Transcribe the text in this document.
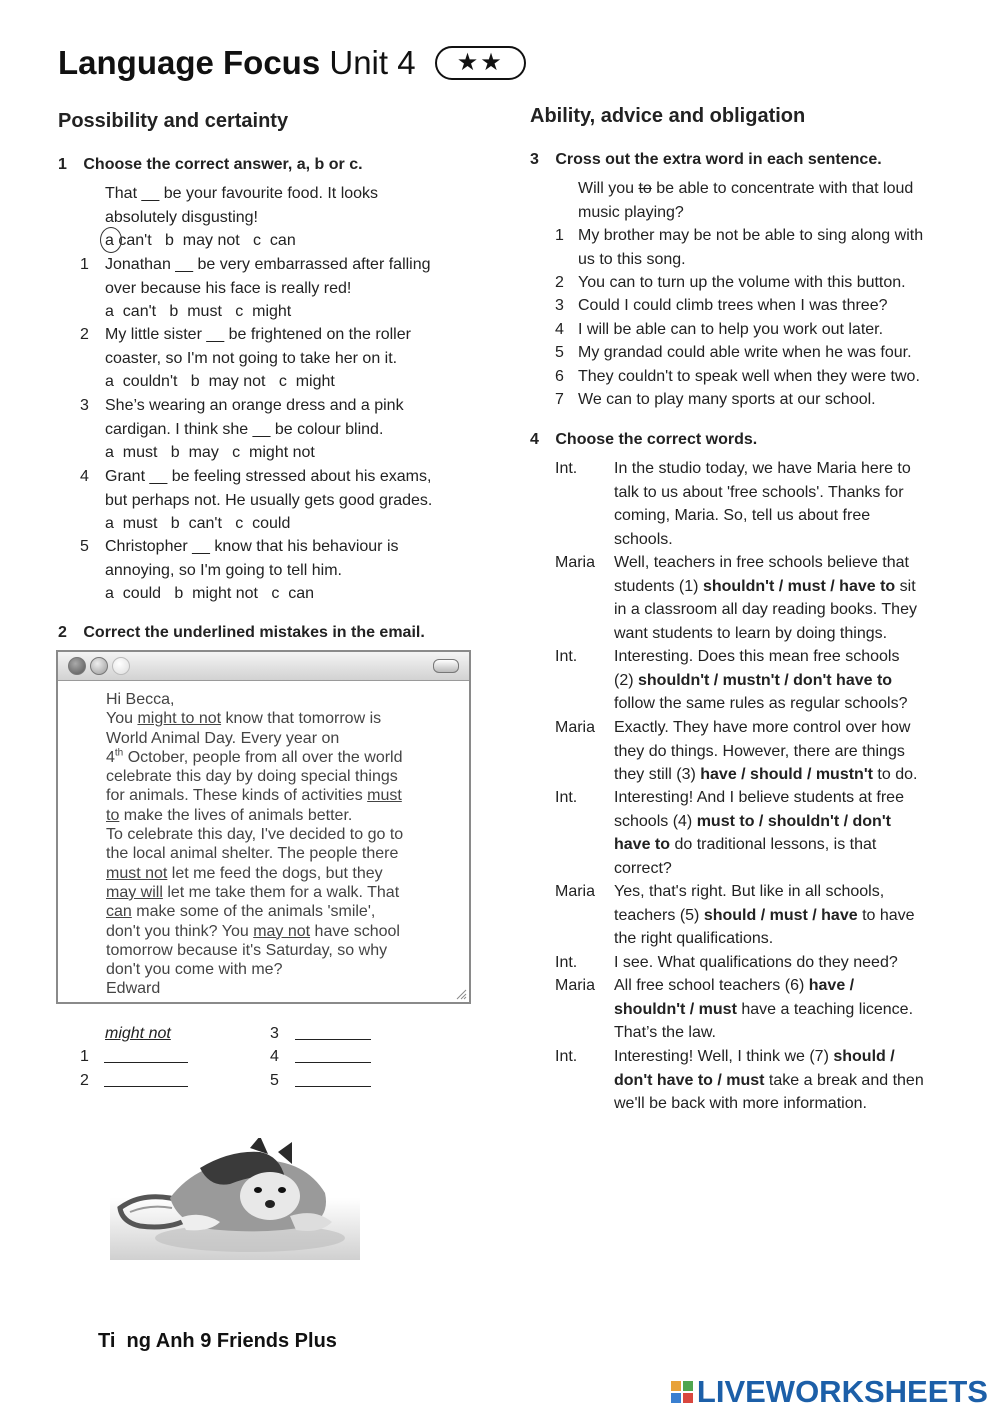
Language Focus Unit 4 ★★
Possibility and certainty
1 Choose the correct answer, a, b or c.
That __ be your favourite food. It looks
absolutely disgusting!
a can't   b  may not   c  can
1 Jonathan __ be very embarrassed after falling
over because his face is really red!
a  can't   b  must   c  might
2 My little sister __ be frightened on the roller
coaster, so I'm not going to take her on it.
a  couldn't   b  may not   c  might
3 She’s wearing an orange dress and a pink
cardigan. I think she __ be colour blind.
a  must   b  may   c  might not
4 Grant __ be feeling stressed about his exams,
but perhaps not. He usually gets good grades.
a  must   b  can't   c  could
5 Christopher __ know that his behaviour is
annoying, so I'm going to tell him.
a  could   b  might not   c  can
2 Correct the underlined mistakes in the email.

Hi Becca,

You might to not know that tomorrow is

World Animal Day. Every year on

4th October, people from all over the world

celebrate this day by doing special things

for animals. These kinds of activities must

to make the lives of animals better.

To celebrate this day, I've decided to go to

the local animal shelter. The people there

must not let me feed the dogs, but they

may will let me take them for a walk. That

can make some of the animals 'smile',

don't you think? You may not have school

tomorrow because it's Saturday, so why

don't you come with me?

Edward

might not
1
2
3
4
5
Ability, advice and obligation
3 Cross out the extra word in each sentence.
Will you to be able to concentrate with that loud
music playing?
1 My brother may be not be able to sing along with
us to this song.
2 You can to turn up the volume with this button.
3 Could I could climb trees when I was three?
4 I will be able can to help you work out later.
5 My grandad could able write when he was four.
6 They couldn't to speak well when they were two.
7 We can to play many sports at our school.
4 Choose the correct words.
Int. In the studio today, we have Maria here to
talk to us about 'free schools'. Thanks for
coming, Maria. So, tell us about free
schools.
Maria Well, teachers in free schools believe that
students (1) shouldn't / must / have to sit
in a classroom all day reading books. They
want students to learn by doing things.
Int. Interesting. Does this mean free schools
(2) shouldn't / mustn't / don't have to
follow the same rules as regular schools?
Maria Exactly. They have more control over how
they do things. However, there are things
they still (3) have / should / mustn't to do.
Int. Interesting! And I believe students at free
schools (4) must to / shouldn't / don't
have to do traditional lessons, is that
correct?
Maria Yes, that's right. But like in all schools,
teachers (5) should / must / have to have
the right qualifications.
Int. I see. What qualifications do they need?
Maria All free school teachers (6) have /
shouldn't / must have a teaching licence.
That’s the law.
Int. Interesting! Well, I think we (7) should /
don't have to / must take a break and then
we'll be back with more information.
Ti  ng Anh 9 Friends Plus
LIVEWORKSHEETS
